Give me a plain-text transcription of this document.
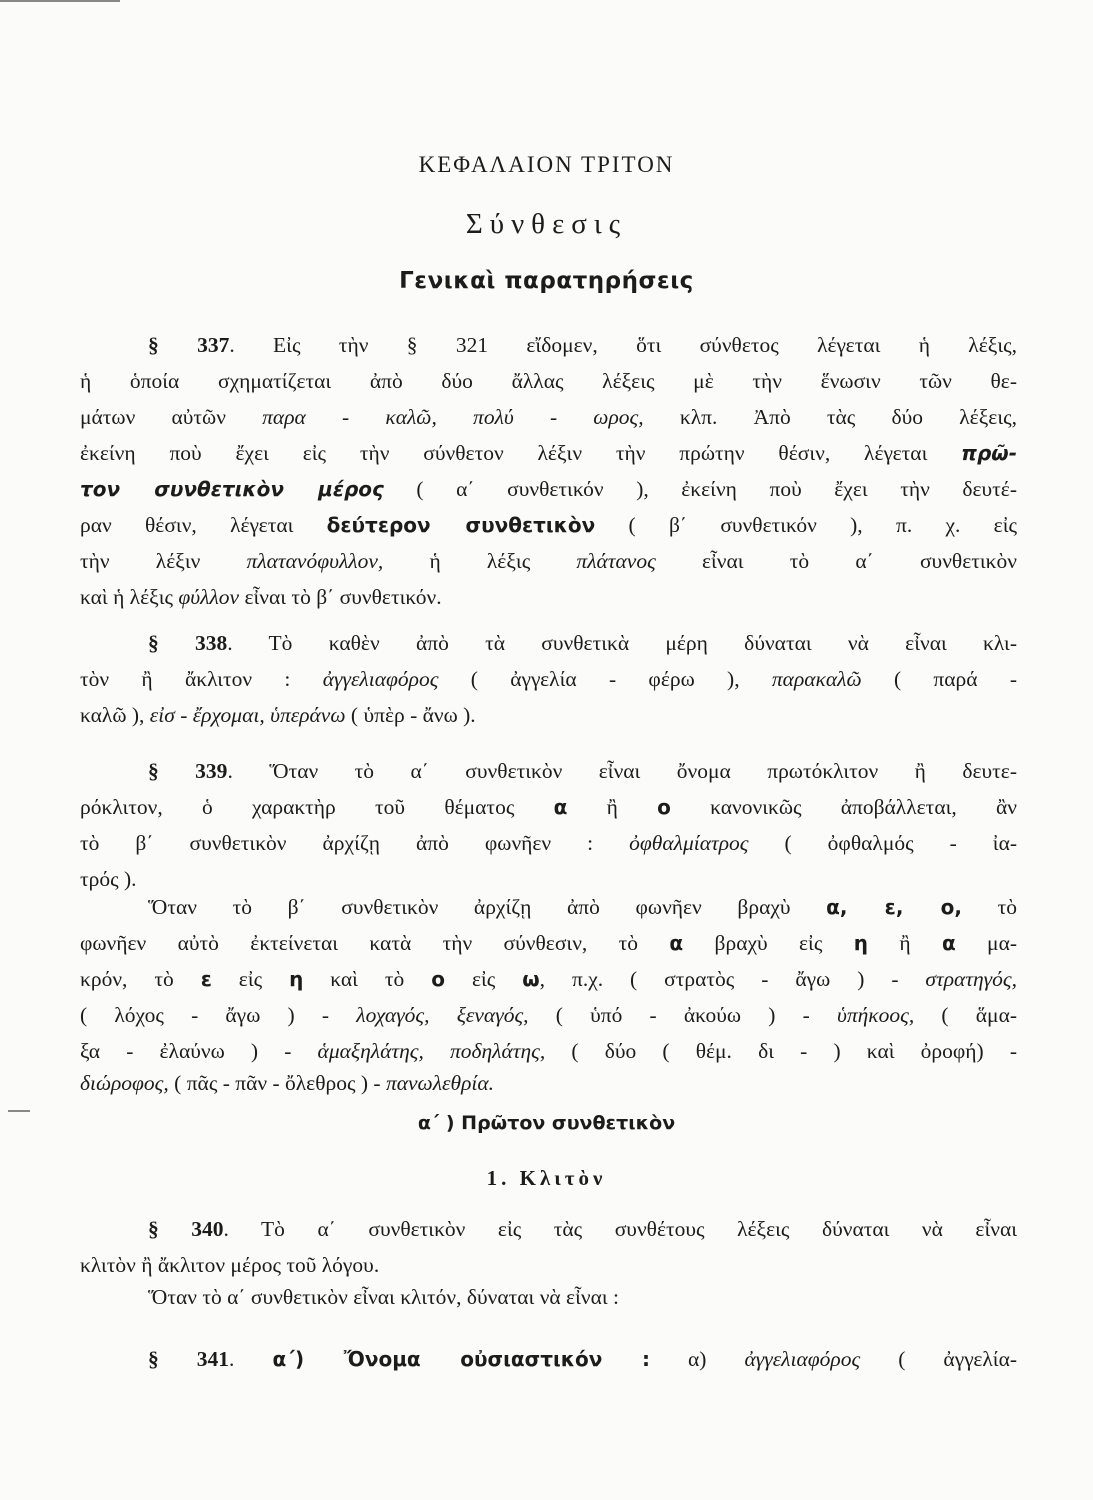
ΚΕΦΑΛΑΙΟΝ ΤΡΙΤΟΝ
Σύνθεσις
Γενικαὶ παρατηρήσεις
§ 337. Εἰς τὴν § 321 εἴδομεν, ὅτι σύνθετος λέγεται ἡ λέξις,
ἡ ὁποία σχηματίζεται ἀπὸ δύο ἄλλας λέξεις μὲ τὴν ἕνωσιν τῶν θε-
μάτων αὐτῶν παρα - καλῶ, πολύ - ωρος, κλπ. Ἀπὸ τὰς δύο λέξεις,
ἐκείνη ποὺ ἔχει εἰς τὴν σύνθετον λέξιν τὴν πρώτην θέσιν, λέγεται πρῶ-
τον συνθετικὸν μέρος ( α΄ συνθετικόν ), ἐκείνη ποὺ ἔχει τὴν δευτέ-
ραν θέσιν, λέγεται δεύτερον συνθετικὸν ( β΄ συνθετικόν ), π. χ. εἰς
τὴν λέξιν πλατανόφυλλον, ἡ λέξις πλάτανος εἶναι τὸ α΄ συνθετικὸν
καὶ ἡ λέξις φύλλον εἶναι τὸ β΄ συνθετικόν.
§ 338. Τὸ καθὲν ἀπὸ τὰ συνθετικὰ μέρη δύναται νὰ εἶναι κλι-
τὸν ἢ ἄκλιτον : ἀγγελιαφόρος ( ἀγγελία - φέρω ), παρακαλῶ ( παρά -
καλῶ ), εἰσ - ἔρχομαι, ὑπεράνω ( ὑπὲρ - ἄνω ).
§ 339. Ὅταν τὸ α΄ συνθετικὸν εἶναι ὄνομα πρωτόκλιτον ἢ δευτε-
ρόκλιτον, ὁ χαρακτὴρ τοῦ θέματος α ἢ ο κανονικῶς ἀποβάλλεται, ἂν
τὸ β΄ συνθετικὸν ἀρχίζῃ ἀπὸ φωνῆεν : ὀφθαλμίατρος ( ὀφθαλμός - ἰα-
τρός ).
Ὅταν τὸ β΄ συνθετικὸν ἀρχίζῃ ἀπὸ φωνῆεν βραχὺ α, ε, ο, τὸ
φωνῆεν αὐτὸ ἐκτείνεται κατὰ τὴν σύνθεσιν, τὸ α βραχὺ εἰς η ἢ α μα-
κρόν, τὸ ε εἰς η καὶ τὸ ο εἰς ω, π.χ. ( στρατὸς - ἄγω ) - στρατηγός,
( λόχος - ἄγω ) - λοχαγός, ξεναγός, ( ὑπό - ἀκούω ) - ὑπήκοος, ( ἅμα-
ξα - ἐλαύνω ) - ἁμαξηλάτης, ποδηλάτης, ( δύο ( θέμ. δι - ) καὶ ὀροφή) -
διώροφος, ( πᾶς - πᾶν - ὄλεθρος ) - πανωλεθρία.
α΄ ) Πρῶτον συνθετικὸν
1. Κλιτὸν
§ 340. Τὸ α΄ συνθετικὸν εἰς τὰς συνθέτους λέξεις δύναται νὰ εἶναι
κλιτὸν ἢ ἄκλιτον μέρος τοῦ λόγου.
Ὅταν τὸ α΄ συνθετικὸν εἶναι κλιτόν, δύναται νὰ εἶναι :
§ 341. α΄) Ὄνομα οὐσιαστικόν : α) ἀγγελιαφόρος ( ἀγγελία-
